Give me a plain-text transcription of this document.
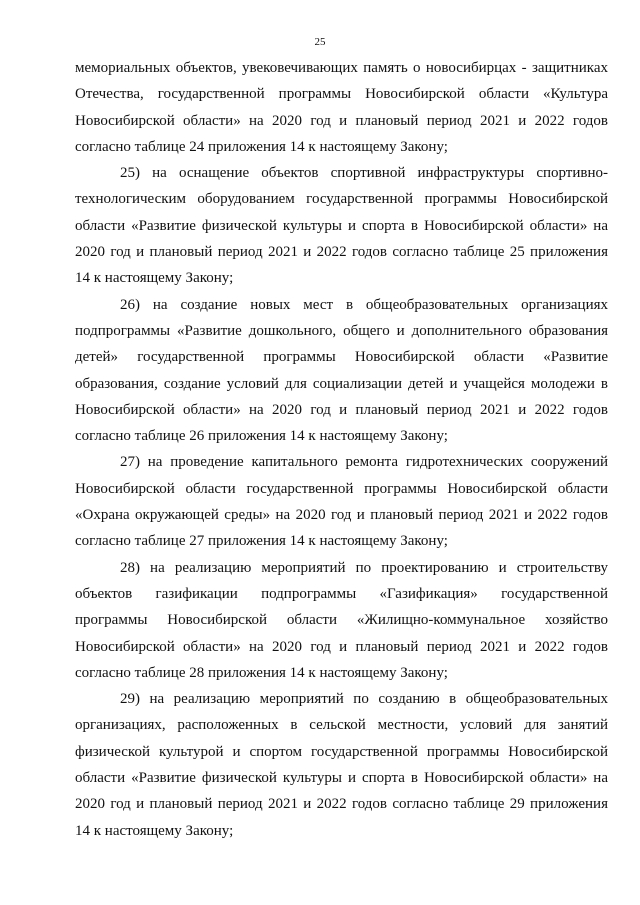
25
мемориальных объектов, увековечивающих память о новосибирцах - защитниках
Отечества, государственной программы Новосибирской области «Культура
Новосибирской области» на 2020 год и плановый период 2021 и 2022 годов
согласно таблице 24 приложения 14 к настоящему Закону;
25) на оснащение объектов спортивной инфраструктуры спортивно-
технологическим оборудованием государственной программы Новосибирской
области «Развитие физической культуры и спорта в Новосибирской области» на
2020 год и плановый период 2021 и 2022 годов согласно таблице 25 приложения
14 к настоящему Закону;
26) на создание новых мест в общеобразовательных организациях
подпрограммы «Развитие дошкольного, общего и дополнительного образования
детей» государственной программы Новосибирской области «Развитие
образования, создание условий для социализации детей и учащейся молодежи в
Новосибирской области» на 2020 год и плановый период 2021 и 2022 годов
согласно таблице 26 приложения 14 к настоящему Закону;
27) на проведение капитального ремонта гидротехнических сооружений
Новосибирской области государственной программы Новосибирской области
«Охрана окружающей среды» на 2020 год и плановый период 2021 и 2022 годов
согласно таблице 27 приложения 14 к настоящему Закону;
28) на реализацию мероприятий по проектированию и строительству
объектов газификации подпрограммы «Газификация» государственной
программы Новосибирской области «Жилищно-коммунальное хозяйство
Новосибирской области» на 2020 год и плановый период 2021 и 2022 годов
согласно таблице 28 приложения 14 к настоящему Закону;
29) на реализацию мероприятий по созданию в общеобразовательных
организациях, расположенных в сельской местности, условий для занятий
физической культурой и спортом государственной программы Новосибирской
области «Развитие физической культуры и спорта в Новосибирской области» на
2020 год и плановый период 2021 и 2022 годов согласно таблице 29 приложения
14 к настоящему Закону;
